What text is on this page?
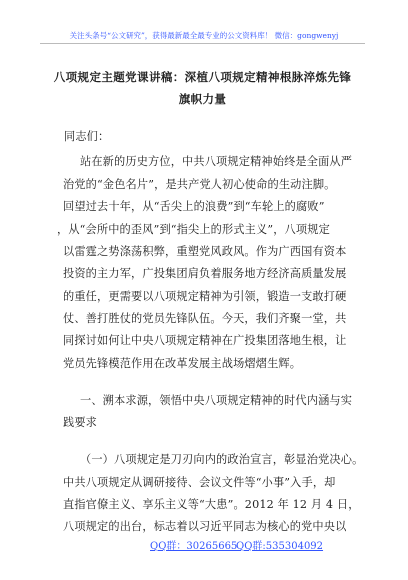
关注头条号“公文研究”，获得最新最全最专业的公文资料库！ 微信：gongwenyj
八项规定主题党课讲稿：深植八项规定精神根脉淬炼先锋
旗帜力量
同志们：
站在新的历史方位，中共八项规定精神始终是全面从严
治党的“金色名片”，是共产党人初心使命的生动注脚。
回望过去十年，从“舌尖上的浪费”到“车轮上的腐败”
，从“会所中的歪风”到“指尖上的形式主义”，八项规定
以雷霆之势涤荡积弊，重塑党风政风。作为广西国有资本
投资的主力军，广投集团肩负着服务地方经济高质量发展
的重任，更需要以八项规定精神为引领，锻造一支敢打硬
仗、善打胜仗的党员先锋队伍。今天，我们齐聚一堂，共
同探讨如何让中央八项规定精神在广投集团落地生根，让
党员先锋模范作用在改革发展主战场熠熠生辉。
一、溯本求源，领悟中央八项规定精神的时代内涵与实
践要求
（一）八项规定是刀刃向内的政治宣言，彰显治党决心。
中共八项规定从调研接待、会议文件等“小事”入手，却
直指官僚主义、享乐主义等“大患”。2012 年 12 月 4 日，
八项规定的出台，标志着以习近平同志为核心的党中央以
QQ群：30265665
QQ群:535304092
